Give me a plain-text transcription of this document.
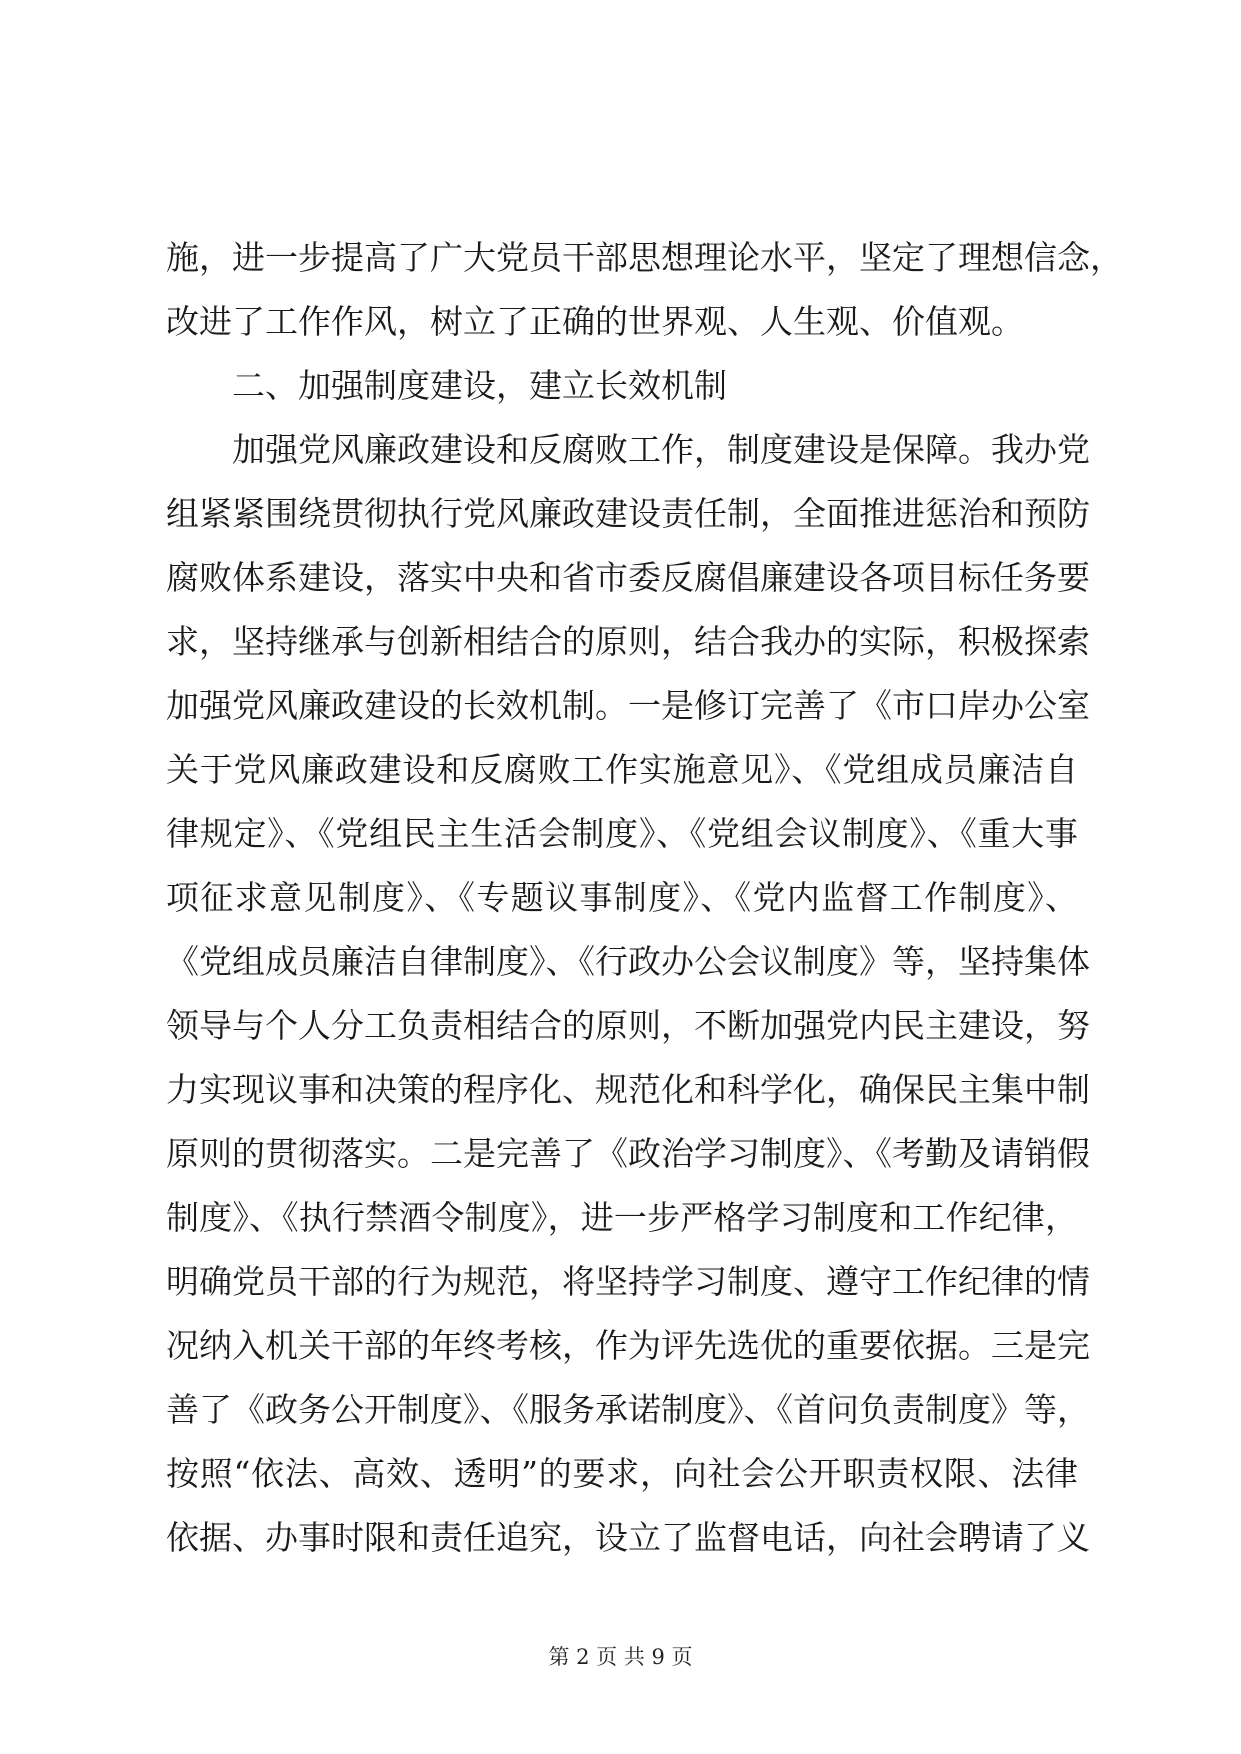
施，进一步提高了广大党员干部思想理论水平，坚定了理想信念，
改进了工作作风，树立了正确的世界观、人生观、价值观。
二、加强制度建设，建立长效机制
加强党风廉政建设和反腐败工作，制度建设是保障。我办党
组紧紧围绕贯彻执行党风廉政建设责任制，全面推进惩治和预防
腐败体系建设，落实中央和省市委反腐倡廉建设各项目标任务要
求，坚持继承与创新相结合的原则，结合我办的实际，积极探索
加强党风廉政建设的长效机制。一是修订完善了《市口岸办公室
关于党风廉政建设和反腐败工作实施意见》、《党组成员廉洁自
律规定》、《党组民主生活会制度》、《党组会议制度》、《重大事
项征求意见制度》、《专题议事制度》、《党内监督工作制度》、
《党组成员廉洁自律制度》、《行政办公会议制度》等，坚持集体
领导与个人分工负责相结合的原则，不断加强党内民主建设，努
力实现议事和决策的程序化、规范化和科学化，确保民主集中制
原则的贯彻落实。二是完善了《政治学习制度》、《考勤及请销假
制度》、《执行禁酒令制度》，进一步严格学习制度和工作纪律，
明确党员干部的行为规范，将坚持学习制度、遵守工作纪律的情
况纳入机关干部的年终考核，作为评先选优的重要依据。三是完
善了《政务公开制度》、《服务承诺制度》、《首问负责制度》等，
按照“依法、高效、透明”的要求，向社会公开职责权限、法律
依据、办事时限和责任追究，设立了监督电话，向社会聘请了义
第 2 页 共 9 页
